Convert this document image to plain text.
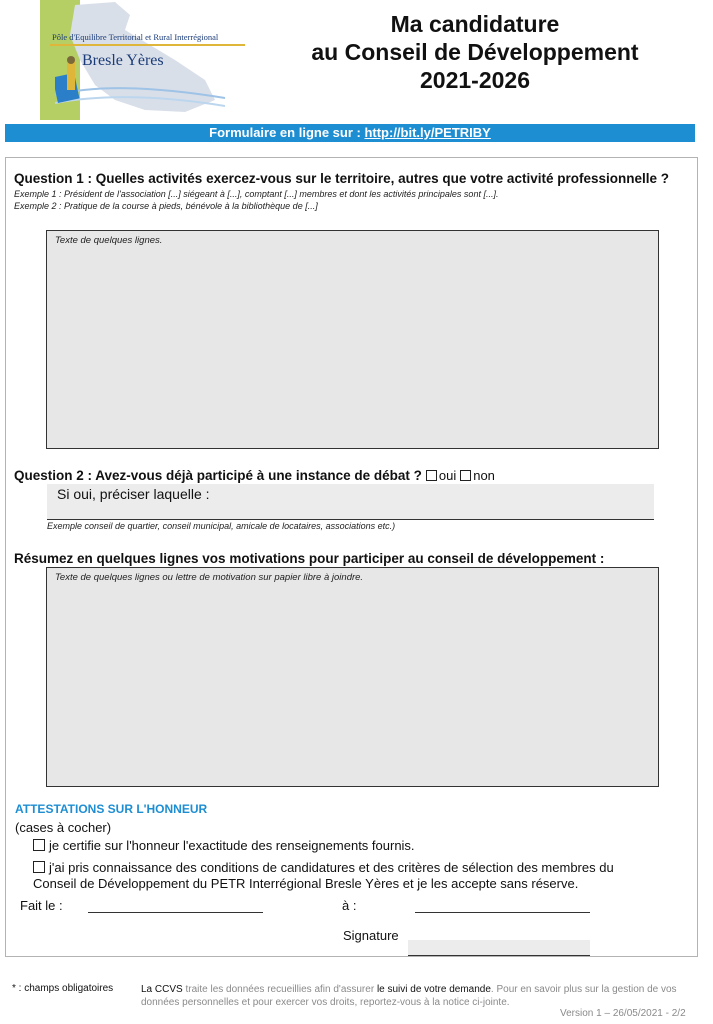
Pôle d'Equilibre Territorial et Rural Interrégional
Bresle Yères
Ma candidature
au Conseil de Développement
2021-2026
Formulaire en ligne sur : http://bit.ly/PETRIBY
Question 1 : Quelles activités exercez-vous sur le territoire, autres que votre activité professionnelle ?
Exemple 1 : Président de l'association [...] siégeant à [...], comptant [...] membres et dont les activités principales sont [...].
Exemple 2 : Pratique de la course à pieds, bénévole à la bibliothèque de [...]
Texte de quelques lignes.
Question 2 : Avez-vous déjà participé à une instance de débat ? oui non
Si oui, préciser laquelle :
Exemple conseil de quartier, conseil municipal, amicale de locataires, associations etc.)
Résumez en quelques lignes vos motivations pour participer au conseil de développement :
Texte de quelques lignes ou lettre de motivation sur papier libre à joindre.
ATTESTATIONS SUR L'HONNEUR
(cases à cocher)
je certifie sur l'honneur l'exactitude des renseignements fournis.
j'ai pris connaissance des conditions de candidatures et des critères de sélection des membres du
Conseil de Développement du PETR Interrégional Bresle Yères et je les accepte sans réserve.
Fait le :	à :
Signature
* : champs obligatoires	La CCVS traite les données recueillies afin d'assurer le suivi de votre demande. Pour en savoir plus sur la gestion de vos données personnelles et pour exercer vos droits, reportez-vous à la notice ci-jointe.
Version 1 – 26/05/2021 - 2/2
